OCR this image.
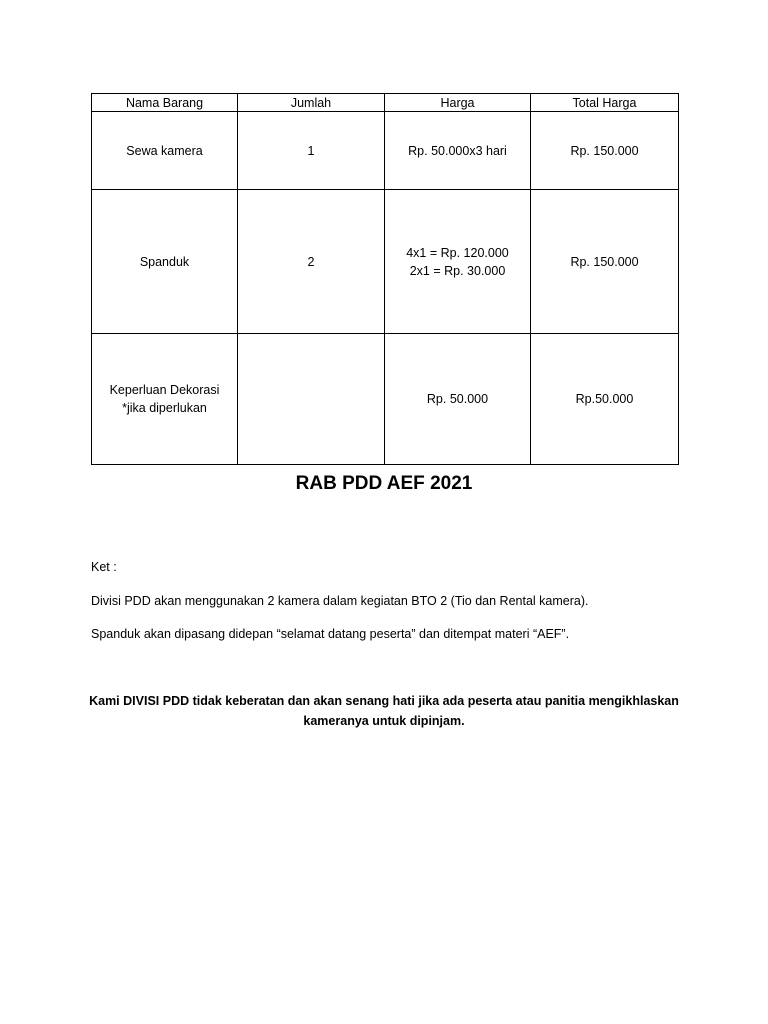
Nama Barang	Jumlah	Harga	Total Harga

Sewa kamera	1	Rp. 50.000x3 hari	Rp. 150.000

Spanduk	2	4x1 = Rp. 120.000
2x1 = Rp. 30.000	Rp. 150.000

Keperluan Dekorasi
*jika diperlukan		Rp. 50.000	Rp.50.000
RAB PDD AEF 2021
Ket :
Divisi PDD akan menggunakan 2 kamera dalam kegiatan BTO 2 (Tio dan Rental kamera).
Spanduk akan dipasang didepan “selamat datang peserta” dan ditempat materi “AEF”.
Kami DIVISI PDD tidak keberatan dan akan senang hati jika ada peserta atau panitia mengikhlaskan
kameranya untuk dipinjam.
